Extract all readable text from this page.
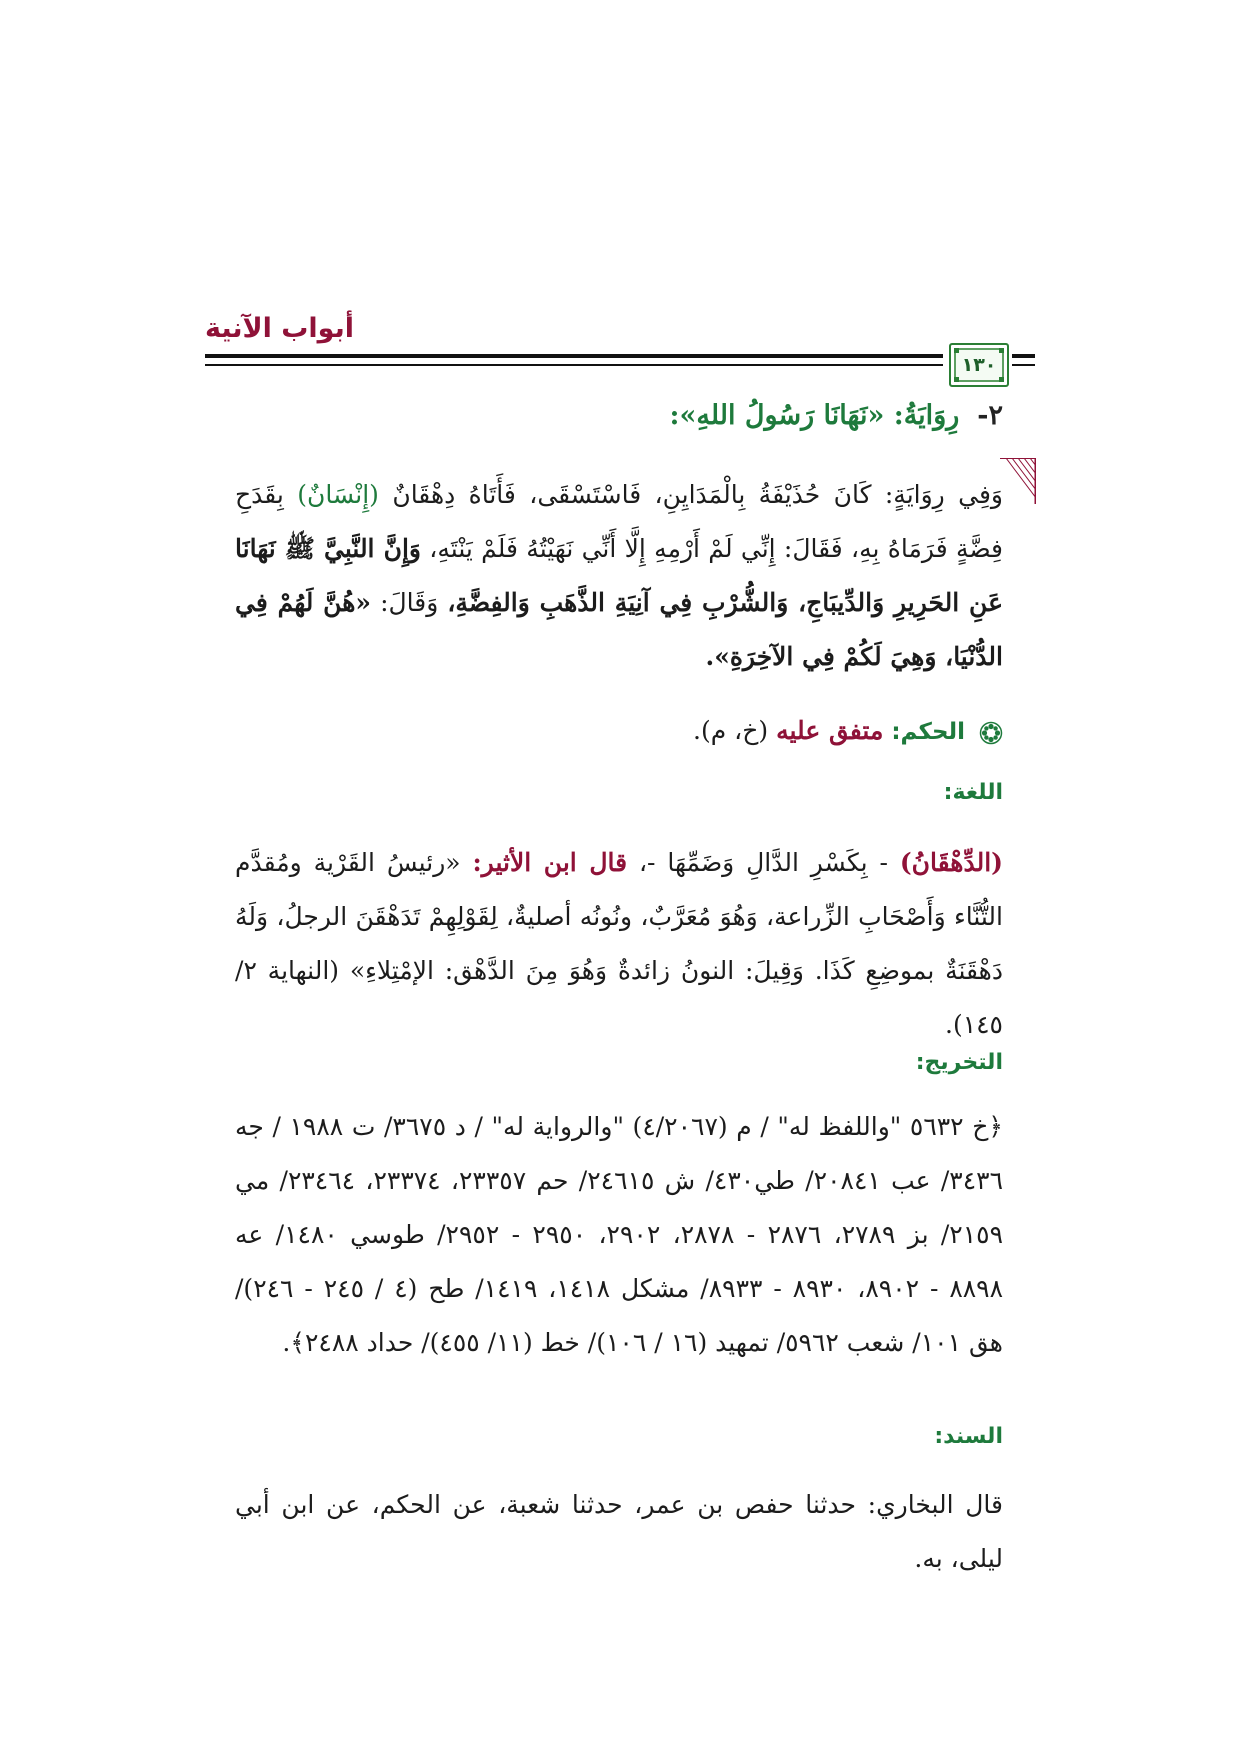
أبواب الآنية
١٣٠
٢-رِوَايَةُ: «نَهَانَا رَسُولُ اللهِ»:
وَفِي رِوَايَةٍ: كَانَ حُذَيْفَةُ بِالْمَدَايِنِ، فَاسْتَسْقَى، فَأَتَاهُ دِهْقَانٌ (إِنْسَانٌ) بِقَدَحِ فِضَّةٍ فَرَمَاهُ بِهِ، فَقَالَ: إِنِّي لَمْ أَرْمِهِ إِلَّا أَنِّي نَهَيْتُهُ فَلَمْ يَنْتَهِ، وَإِنَّ النَّبِيَّ ﷺ نَهَانَا عَنِ الحَرِيرِ وَالدِّيبَاجِ، وَالشُّرْبِ فِي آنِيَةِ الذَّهَبِ وَالفِضَّةِ، وَقَالَ: «هُنَّ لَهُمْ فِي الدُّنْيَا، وَهِيَ لَكُمْ فِي الآخِرَةِ».
الحكم: متفق عليه (خ، م).
اللغة:
(الدِّهْقَانُ) - بِكَسْرِ الدَّالِ وَضَمِّهَا -، قال ابن الأثير: «رئيسُ القَرْية ومُقدَّم التُّنَّاء وَأَصْحَابِ الزِّراعة، وَهُوَ مُعَرَّبٌ، ونُونُه أصليةٌ، لِقَوْلِهِمْ تَدَهْقَنَ الرجلُ، وَلَهُ دَهْقَنَةٌ بموضِعِ كَذَا. وَقِيلَ: النونُ زائدةٌ وَهُوَ مِنَ الدَّهْق: الإمْتِلاءِ» (النهاية ٢/ ١٤٥).
التخريج:
﴿خ ٥٦٣٢ "واللفظ له" / م (٤/٢٠٦٧) "والرواية له" / د ٣٦٧٥/ ت ١٩٨٨ / جه ٣٤٣٦/ عب ٢٠٨٤١/ طي٤٣٠/ ش ٢٤٦١٥/ حم ٢٣٣٥٧، ٢٣٣٧٤، ٢٣٤٦٤/ مي ٢١٥٩/ بز ٢٧٨٩، ٢٨٧٦ - ٢٨٧٨، ٢٩٠٢، ٢٩٥٠ - ٢٩٥٢/ طوسي ١٤٨٠/ عه ٨٨٩٨ - ٨٩٠٢، ٨٩٣٠ - ٨٩٣٣/ مشكل ١٤١٨، ١٤١٩/ طح (٤ / ٢٤٥ - ٢٤٦)/ هق ١٠١/ شعب ٥٩٦٢/ تمهيد (١٦ / ١٠٦)/ خط (١١/ ٤٥٥)/ حداد ٢٤٨٨﴾.
السند:
قال البخاري: حدثنا حفص بن عمر، حدثنا شعبة، عن الحكم، عن ابن أبي ليلى، به.
